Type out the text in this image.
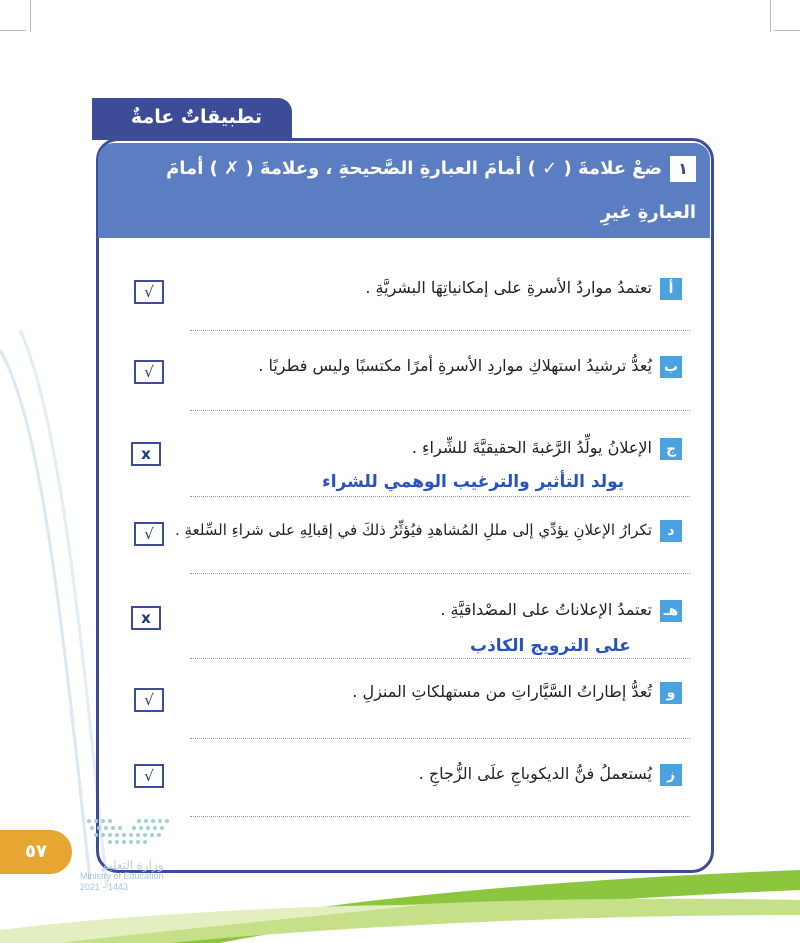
تطبيقاتٌ عامةٌ
١ضعْ علامةَ ( ✓ ) أمامَ العبارةِ الصَّحيحةِ ، وعلامةَ ( ✗ ) أمامَ العبارةِ غيرِ
الصَّحيحةِ ، معَ تصحيحِ الخَطَأ فيما يأتِي :
أتعتمدُ مواردُ الأسرةِ على إمكانياتِهَا البشريَّةِ .
√
بيُعدُّ ترشيدُ استهلاكِ مواردِ الأسرةِ أمرًا مكتسبًا وليس فطريًا .
√
جالإعلانُ يولِّدُ الرَّغبةَ الحقيقيَّةَ للشِّراءِ .
x
يولد التأثير والترغيب الوهمي للشراء
دتكرارُ الإعلانِ يؤدِّي إلى مللِ المُشاهدِ فيُؤثِّرُ ذلكَ في إقبالِهِ على شراءِ السِّلعةِ .
√
هـتعتمدُ الإعلاناتُ على المصْداقيَّةِ .
x
على الترويج الكاذب
وتُعدُّ إطاراتُ السَّيَّاراتِ من مستهلكاتِ المنزلِ .
√
زيُستعملُ فنُّ الديكوباجِ علَى الزُّجاجِ .
√
٥٧
وزارة التعليم
Ministry of Education
2021 - 1443
